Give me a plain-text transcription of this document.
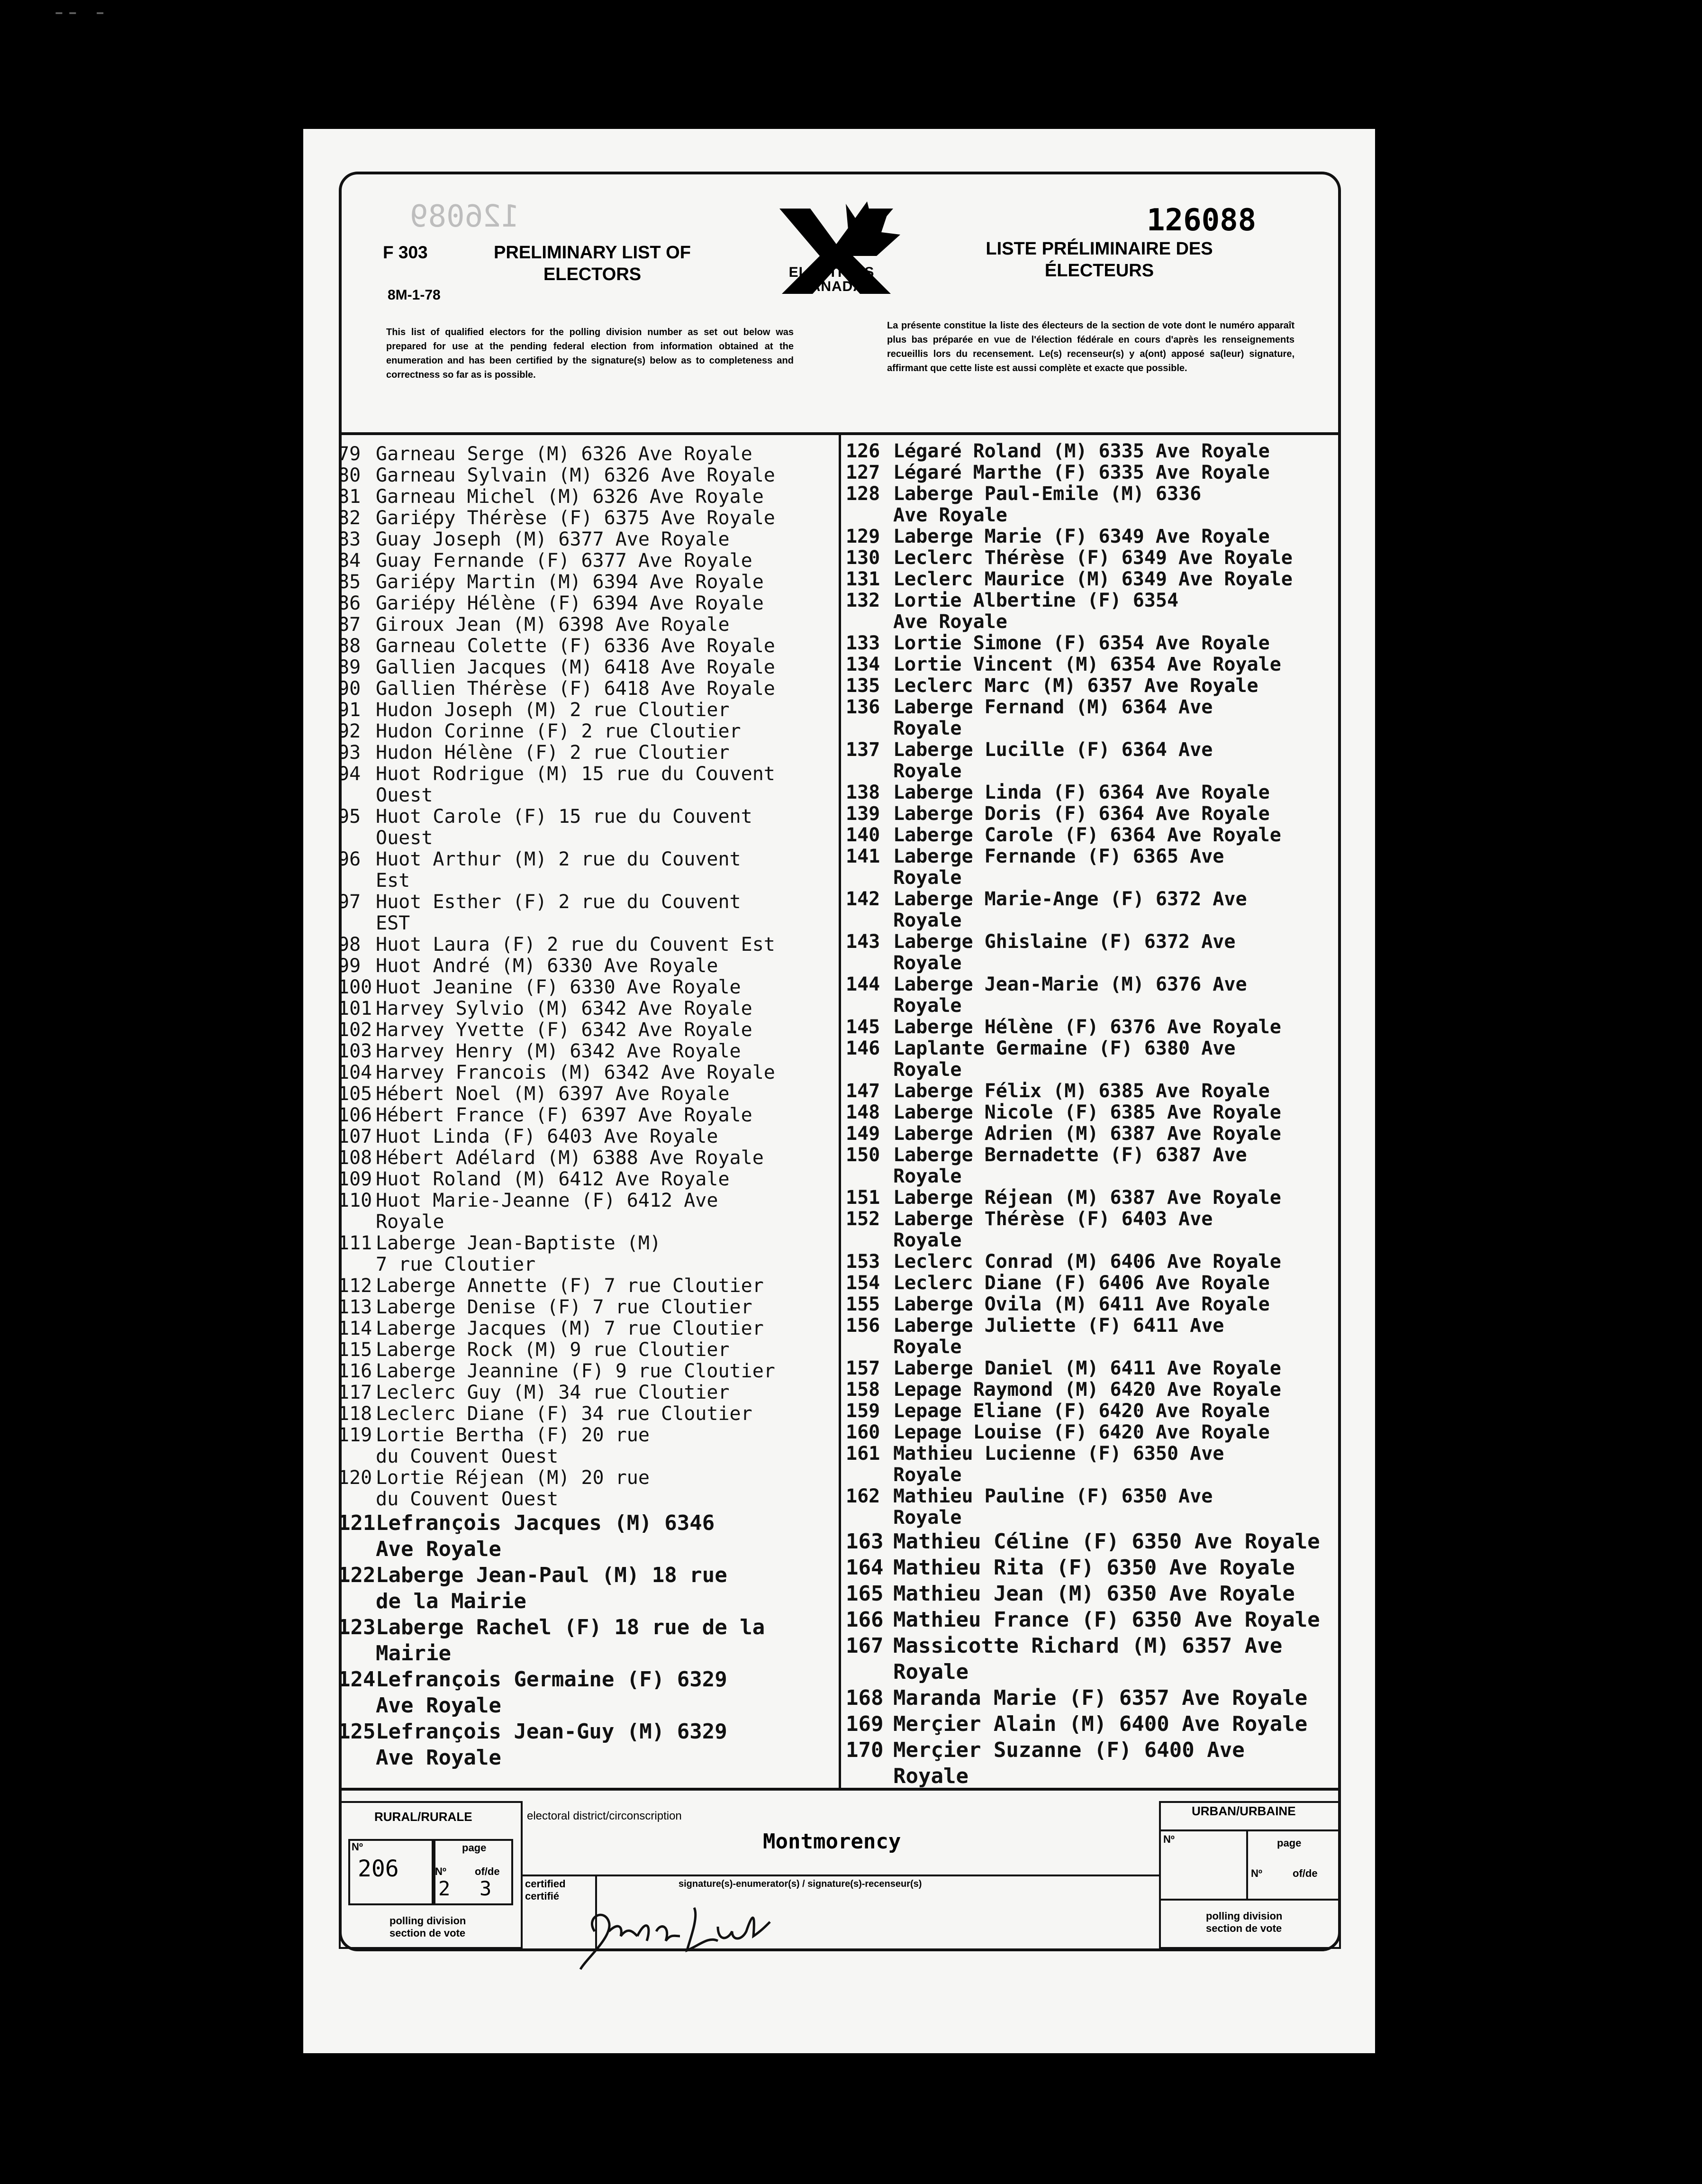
¯¯ ¯
F 303
8M-1-78
126089
PRELIMINARY LIST OF ELECTORS	ELECTIONS CANADA
126088
LISTE PRÉLIMINAIRE DES ÉLECTEURS
This list of qualified electors for the polling division number as set out below was prepared for use at the pending federal election from information obtained at the enumeration and has been certified by the signature(s) below as to completeness and correctness so far as is possible.
La présente constitue la liste des électeurs de la section de vote dont le numéro apparaît plus bas préparée en vue de l'élection fédérale en cours d'après les renseignements recueillis lors du recensement. Le(s) recenseur(s) y a(ont) apposé sa(leur) signature, affirmant que cette liste est aussi complète et exacte que possible.
79 Garneau Serge (M) 6326 Ave Royale
80 Garneau Sylvain (M) 6326 Ave Royale
81 Garneau Michel (M) 6326 Ave Royale
82 Gariépy Thérèse (F) 6375 Ave Royale
83 Guay Joseph (M) 6377 Ave Royale
84 Guay Fernande (F) 6377 Ave Royale
85 Gariépy Martin (M) 6394 Ave Royale
86 Gariépy Hélène (F) 6394 Ave Royale
87 Giroux Jean (M) 6398 Ave Royale
88 Garneau Colette (F) 6336 Ave Royale
89 Gallien Jacques (M) 6418 Ave Royale
90 Gallien Thérèse (F) 6418 Ave Royale
91 Hudon Joseph (M) 2 rue Cloutier
92 Hudon Corinne (F) 2 rue Cloutier
93 Hudon Hélène (F) 2 rue Cloutier
94 Huot Rodrigue (M) 15 rue du Couvent
Ouest
95 Huot Carole (F) 15 rue du Couvent
Ouest
96 Huot Arthur (M) 2 rue du Couvent
Est
97 Huot Esther (F) 2 rue du Couvent
EST
98 Huot Laura (F) 2 rue du Couvent Est
99 Huot André (M) 6330 Ave Royale
100 Huot Jeanine (F) 6330 Ave Royale
101 Harvey Sylvio (M) 6342 Ave Royale
102 Harvey Yvette (F) 6342 Ave Royale
103 Harvey Henry (M) 6342 Ave Royale
104 Harvey Francois (M) 6342 Ave Royale
105 Hébert Noel (M) 6397 Ave Royale
106 Hébert France (F) 6397 Ave Royale
107 Huot Linda (F) 6403 Ave Royale
108 Hébert Adélard (M) 6388 Ave Royale
109 Huot Roland (M) 6412 Ave Royale
110 Huot Marie-Jeanne (F) 6412 Ave
Royale
111 Laberge Jean-Baptiste (M)
7 rue Cloutier
112 Laberge Annette (F) 7 rue Cloutier
113 Laberge Denise (F) 7 rue Cloutier
114 Laberge Jacques (M) 7 rue Cloutier
115 Laberge Rock (M) 9 rue Cloutier
116 Laberge Jeannine (F) 9 rue Cloutier
117 Leclerc Guy (M) 34 rue Cloutier
118 Leclerc Diane (F) 34 rue Cloutier
119 Lortie Bertha (F) 20 rue
du Couvent Ouest
120 Lortie Réjean (M) 20 rue
du Couvent Ouest
121 Lefrançois Jacques (M) 6346
Ave Royale
122 Laberge Jean-Paul (M) 18 rue
de la Mairie
123 Laberge Rachel (F) 18 rue de la
Mairie
124 Lefrançois Germaine (F) 6329
Ave Royale
125 Lefrançois Jean-Guy (M) 6329
Ave Royale
126 Légaré Roland (M) 6335 Ave Royale
127 Légaré Marthe (F) 6335 Ave Royale
128 Laberge Paul-Emile (M) 6336
Ave Royale
129 Laberge Marie (F) 6349 Ave Royale
130 Leclerc Thérèse (F) 6349 Ave Royale
131 Leclerc Maurice (M) 6349 Ave Royale
132 Lortie Albertine (F) 6354
Ave Royale
133 Lortie Simone (F) 6354 Ave Royale
134 Lortie Vincent (M) 6354 Ave Royale
135 Leclerc Marc (M) 6357 Ave Royale
136 Laberge Fernand (M) 6364 Ave
Royale
137 Laberge Lucille (F) 6364 Ave
Royale
138 Laberge Linda (F) 6364 Ave Royale
139 Laberge Doris (F) 6364 Ave Royale
140 Laberge Carole (F) 6364 Ave Royale
141 Laberge Fernande (F) 6365 Ave
Royale
142 Laberge Marie-Ange (F) 6372 Ave
Royale
143 Laberge Ghislaine (F) 6372 Ave
Royale
144 Laberge Jean-Marie (M) 6376 Ave
Royale
145 Laberge Hélène (F) 6376 Ave Royale
146 Laplante Germaine (F) 6380 Ave
Royale
147 Laberge Félix (M) 6385 Ave Royale
148 Laberge Nicole (F) 6385 Ave Royale
149 Laberge Adrien (M) 6387 Ave Royale
150 Laberge Bernadette (F) 6387 Ave
Royale
151 Laberge Réjean (M) 6387 Ave Royale
152 Laberge Thérèse (F) 6403 Ave
Royale
153 Leclerc Conrad (M) 6406 Ave Royale
154 Leclerc Diane (F) 6406 Ave Royale
155 Laberge Ovila (M) 6411 Ave Royale
156 Laberge Juliette (F) 6411 Ave
Royale
157 Laberge Daniel (M) 6411 Ave Royale
158 Lepage Raymond (M) 6420 Ave Royale
159 Lepage Eliane (F) 6420 Ave Royale
160 Lepage Louise (F) 6420 Ave Royale
161 Mathieu Lucienne (F) 6350 Ave
Royale
162 Mathieu Pauline (F) 6350 Ave
Royale
163 Mathieu Céline (F) 6350 Ave Royale
164 Mathieu Rita (F) 6350 Ave Royale
165 Mathieu Jean (M) 6350 Ave Royale
166 Mathieu France (F) 6350 Ave Royale
167 Massicotte Richard (M) 6357 Ave
Royale
168 Maranda Marie (F) 6357 Ave Royale
169 Merçier Alain (M) 6400 Ave Royale
170 Merçier Suzanne (F) 6400 Ave
Royale
RURAL/RURALE
Nº
206
page
Nº	of/de
2 3
polling division
section de vote
electoral district/circonscription
Montmorency
certified
certifié
signature(s)-enumerator(s) / signature(s)-recenseur(s)
URBAN/URBAINE
Nº	page
Nº	of/de
polling division
section de vote
